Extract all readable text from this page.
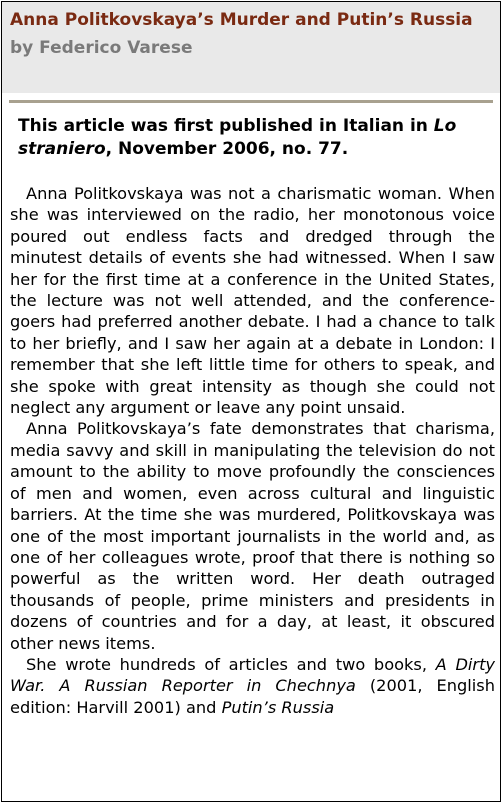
Anna Politkovskaya’s Murder and Putin’s Russia
by Federico Varese
This article was first published in Italian in Lo straniero, November 2006, no. 77.

Anna Politkovskaya was not a charismatic woman. When she was interviewed on the radio, her monotonous voice poured out endless facts and dredged through the minutest details of events she had witnessed. When I saw her for the first time at a conference in the United States, the lecture was not well attended, and the conference-goers had preferred another debate. I had a chance to talk to her briefly, and I saw her again at a debate in London: I remember that she left little time for others to speak, and she spoke with great intensity as though she could not neglect any argument or leave any point unsaid.

Anna Politkovskaya’s fate demonstrates that charisma, media savvy and skill in manipulating the television do not amount to the ability to move profoundly the consciences of men and women, even across cultural and linguistic barriers. At the time she was murdered, Politkovskaya was one of the most important journalists in the world and, as one of her colleagues wrote, proof that there is nothing so powerful as the written word. Her death outraged thousands of people, prime ministers and presidents in dozens of countries and for a day, at least, it obscured other news items.

She wrote hundreds of articles and two books, A Dirty War. A Russian Reporter in Chechnya (2001, English edition: Harvill 2001) and Putin’s Russia
